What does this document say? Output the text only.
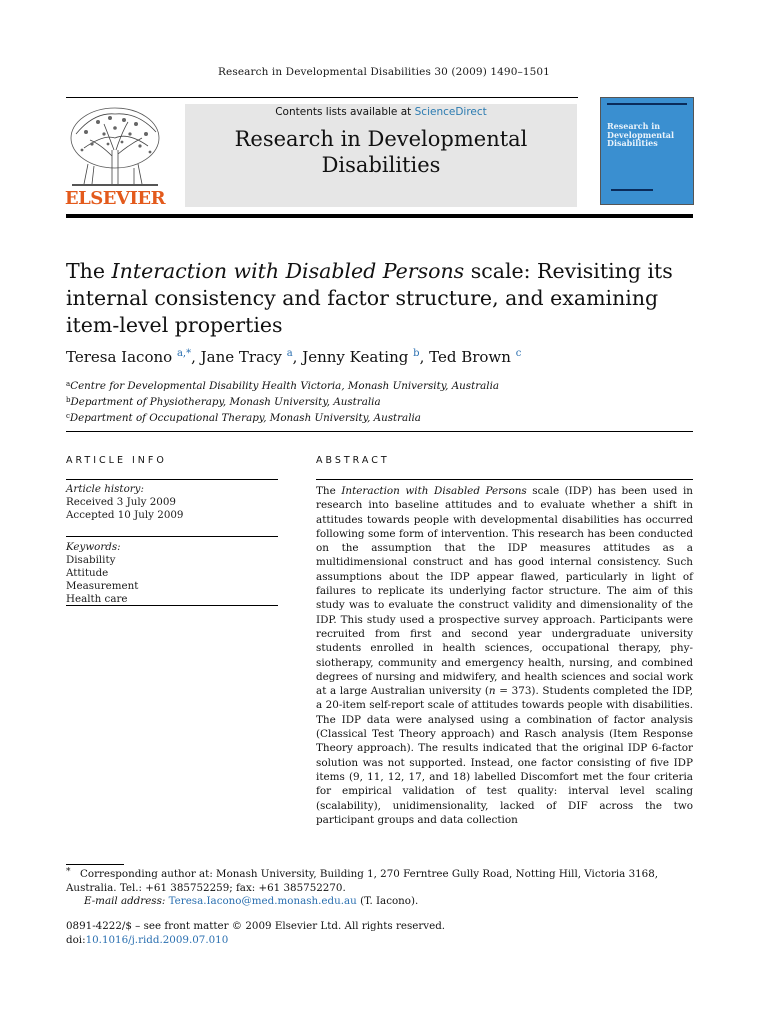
Research in Developmental Disabilities 30 (2009) 1490–1501
ELSEVIER
Contents lists available at ScienceDirect
Research in Developmental
Disabilities
Research in Developmental Disabilities
The Interaction with Disabled Persons scale: Revisiting its internal consistency and factor structure, and examining item-level properties
Teresa Iacono $^{a,*}$, Jane Tracy $^a$, Jenny Keating $^b$, Ted Brown $^c$
$^a$Centre for Developmental Disability Health Victoria, Monash University, Australia
$^b$Department of Physiotherapy, Monash University, Australia
$^c$Department of Occupational Therapy, Monash University, Australia
ARTICLE INFO	ABSTRACT
Article history:
Received 3 July 2009
Accepted 10 July 2009
Keywords:
Disability
Attitude
Measurement
Health care
The Interaction with Disabled Persons scale (IDP) has been used in research into baseline attitudes and to evaluate whether a shift in attitudes towards people with developmental disabilities has occurred following some form of intervention. This research has been conducted on the assumption that the IDP measures attitudes as a multidimensional construct and has good internal consistency. Such assumptions about the IDP appear flawed, particularly in light of failures to replicate its underlying factor structure. The aim of this study was to evaluate the construct validity and dimensionality of the IDP. This study used a prospective survey approach. Participants were recruited from first and second year undergraduate university students enrolled in health sciences, occupational therapy, phy-siotherapy, community and emergency health, nursing, and combined degrees of nursing and midwifery, and health sciences and social work at a large Australian university (n = 373). Students completed the IDP, a 20-item self-report scale of attitudes towards people with disabilities. The IDP data were analysed using a combination of factor analysis (Classical Test Theory approach) and Rasch analysis (Item Response Theory approach). The results indicated that the original IDP 6-factor solution was not supported. Instead, one factor consisting of five IDP items (9, 11, 12, 17, and 18) labelled Discomfort met the four criteria for empirical validation of test quality: interval level scaling (scalability), unidimensionality, lacked of DIF across the two participant groups and data collection
* Corresponding author at: Monash University, Building 1, 270 Ferntree Gully Road, Notting Hill, Victoria 3168, Australia. Tel.: +61 385752259; fax: +61 385752270.
E-mail address: Teresa.Iacono@med.monash.edu.au (T. Iacono).
0891-4222/$ – see front matter © 2009 Elsevier Ltd. All rights reserved.
doi:10.1016/j.ridd.2009.07.010
